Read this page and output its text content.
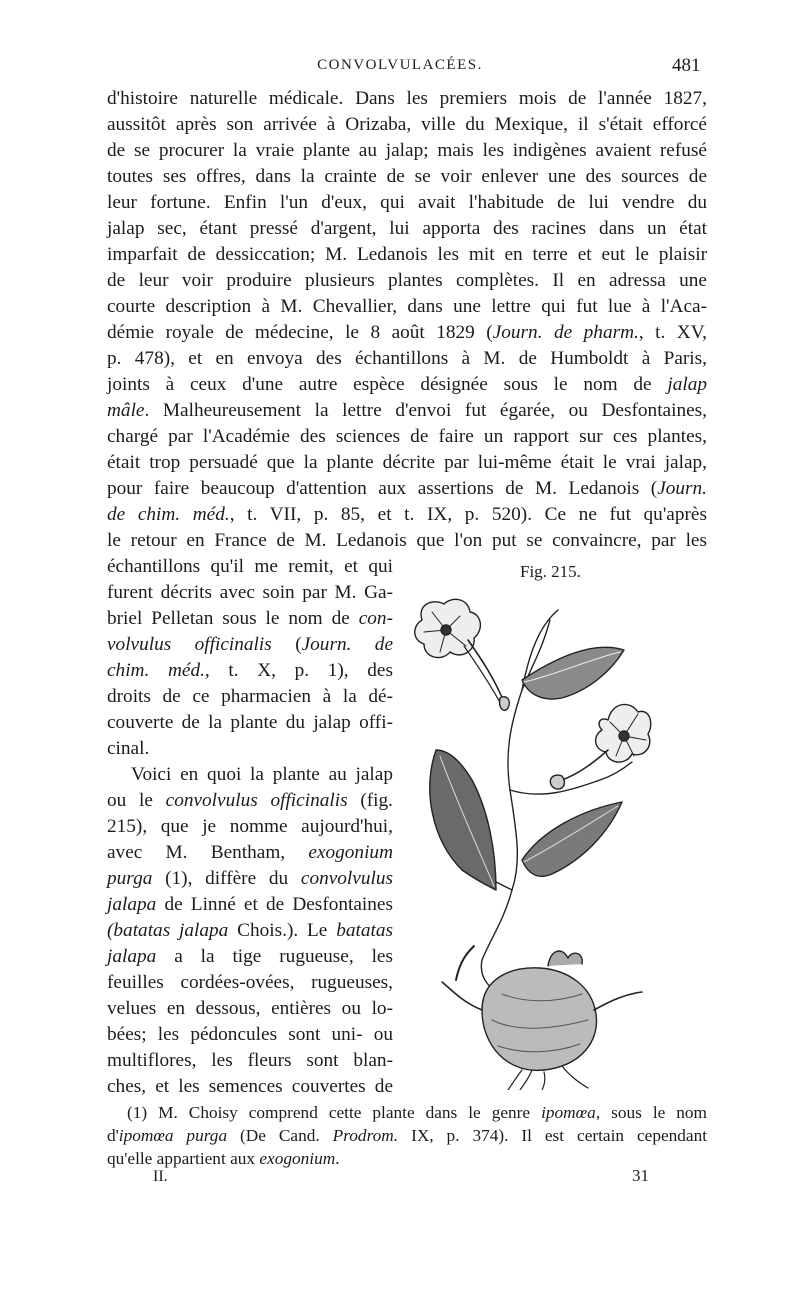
CONVOLVULACÉES.	481
d'histoire naturelle médicale. Dans les premiers mois de l'année 1827,
aussitôt après son arrivée à Orizaba, ville du Mexique, il s'était efforcé
de se procurer la vraie plante au jalap; mais les indigènes avaient refusé
toutes ses offres, dans la crainte de se voir enlever une des sources de
leur fortune. Enfin l'un d'eux, qui avait l'habitude de lui vendre du
jalap sec, étant pressé d'argent, lui apporta des racines dans un état
imparfait de dessiccation; M. Ledanois les mit en terre et eut le plaisir
de leur voir produire plusieurs plantes complètes. Il en adressa une
courte description à M. Chevallier, dans une lettre qui fut lue à l'Aca-
démie royale de médecine, le 8 août 1829 (Journ. de pharm., t. XV,
p. 478), et en envoya des échantillons à M. de Humboldt à Paris,
joints à ceux d'une autre espèce désignée sous le nom de jalap
mâle. Malheureusement la lettre d'envoi fut égarée, ou Desfontaines,
chargé par l'Académie des sciences de faire un rapport sur ces plantes,
était trop persuadé que la plante décrite par lui-même était le vrai jalap,
pour faire beaucoup d'attention aux assertions de M. Ledanois (Journ.
de chim. méd., t. VII, p. 85, et t. IX, p. 520). Ce ne fut qu'après
le retour en France de M. Ledanois que l'on put se convaincre, par les
échantillons qu'il me remit, et qui
furent décrits avec soin par M. Ga-
briel Pelletan sous le nom de con-
volvulus officinalis (Journ. de
chim. méd., t. X, p. 1), des
droits de ce pharmacien à la dé-
couverte de la plante du jalap offi-
cinal.
Voici en quoi la plante au jalap
ou le convolvulus officinalis (fig.
215), que je nomme aujourd'hui,
avec M. Bentham, exogonium
purga (1), diffère du convolvulus
jalapa de Linné et de Desfontaines
(batatas jalapa Chois.). Le batatas
jalapa a la tige rugueuse, les
feuilles cordées-ovées, rugueuses,
velues en dessous, entières ou lo-
bées; les pédoncules sont uni- ou
multiflores, les fleurs sont blan-
ches, et les semences couvertes de
Fig. 215.
(1) M. Choisy comprend cette plante dans le genre ipomœa, sous le nom
d'ipomœa purga (De Cand. Prodrom. IX, p. 374). Il est certain cependant
qu'elle appartient aux exogonium.
II.	31
